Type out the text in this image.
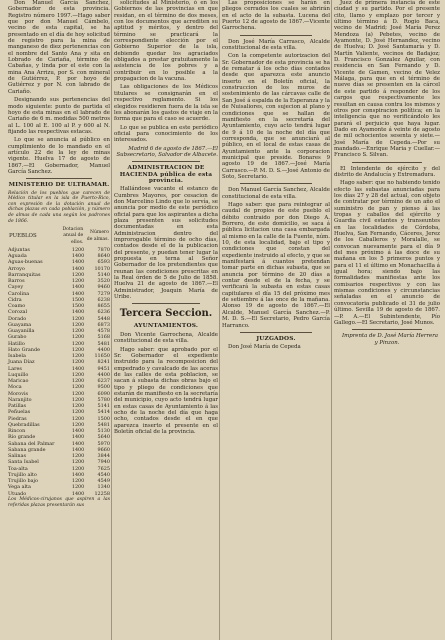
Don Manuel García Sanchez, Gobernador de esta provincia. Registro número 1997.—Hago saber que por don Manuel Cámbelo, vecino de esta capital, se ha presentado en el día de hoy solicitud de registro para la mina de manganeso de diez pertenencias con el nombre del Santo Ana y sita en Lobrado de Cariaña, término de Cabañas, y linda por el este con la mina Ana Arrizu, por S. con mineral de Gutiérrez, P. por hoyo de Gutiérrez y por N. con labrado de Cariaño.

Designando sus pertenencias del modo siguiente: punto de partida el hoyo de esta minas en el labrado de Cariaño de 6 m. medidas 500 metros al L. 100 al E. 100 al P. y 600 al N. fijando las respectivas estacas.

Lo que se anuncia al público en cumplimiento de lo mandado en el artículo 22 de la ley de minas vigente. Huelva 17 de agosto de 1867.—El Gobernador, Manuel García Sanchez.

MINISTERIO DE ULTRAMAR.

Relación de los pueblos que carecen de Médico titular en la isla de Puerto-Rico, con expresión de la dotación anual de dichas plazas en cada población, y número de almas de cada una según los padrones de 1866.

PUEBLOS	Dotacion anual de ellos.	Número de almas.
Adjuntas	1200	7870
Aguada	1400	8640
Aguas-buenas	1400	6593
Arroyo	1400	10170
Barranquitas	1200	5140
Barros	1200	3520
Cayey	1400	9460
Carolina	1400	7279
Cidra	1500	6238
Coamo	1500	8655
Corozal	1400	6236
Dorado	1200	5448
Guayama	1200	6873
Guayanilla	1200	4578
Gurabo	1200	5168
Hatillo	1200	5481
Hato Grande	1200	4400
Isabela	1200	11650
Juana Díaz	1200	8241
Lares	1400	9451
Luquillo	1200	4400
Maricao	1200	6237
Moca	1200	9500
Morovis	1200	6090
Naranjito	1200	5780
Patillas	1200	5141
Peñuelas	1200	5414
Piedras	1200	1500
Quebradillas	1200	5481
Rincon	1400	5130
Río grande	1400	5640
Sabana del Palmar	1400	5970
Sabana grande	1400	9660
Salinas	1200	3844
Santa Isabel	1200	7940
Toa-alta	1200	7625
Trujillo alto	1400	4540
Trujillo bajo	1200	4549
Vega alta	1200	1340
Utuado	1400	12258

Los Médicos-cirujanos que aspiren a las referidas plazas presentarán sus

solicitudes al Ministerio, ó en los Gobiernos de las provincias en que residan, en el término de dos meses, con los documentos que acrediten su aptitud y méritos, y dentro del término se practicará la correspondiente elección por el Gobierno Superior de la isla, debiendo quedar los agraciados obligados a prestar gratuitamente la asistencia de los pobres y a contribuir en lo posible a la propagacion de la vacuna.

Las obligaciones de los Médicos titulares se consignarán en el respectivo reglamento. Si los elegidos residieren fuera de la isla se les abonarán los gastos de viaje en la forma que para el caso se acuerde.

Lo que se publica en este periódico oficial para conocimiento de los interesados.

Madrid 6 de agosto de 1867.—El Subsecretario, Salvador de Albacete.

ADMINISTRACION DE HACIENDA pública de esta provincia.

Hallándose vacante el estanco de Cumbres Mayores, por cesacion de don Marcelino Lindo que lo servía, se anuncia por medio de este periódico oficial para que los aspirantes a dicha plaza presenten sus solicitudes documentadas en esta Administracion dentro del improrogable término de ocho días, contados desde el de la publicacion del presente, y puedan tener lugar la propuesta en terna al Señor Gobernador de los pretendientes que reunan las condiciones prescritas en la Real órden de 5 de Julio de 1858. Huelva 21 de agosto de 1867.—El Administrador, Joaquin María de Uribe.

Tercera Seccion.
AYUNTAMIENTOS.

Don Vicente Garrochena, Alcalde constitucional de esta villa.

Hago saber: que aprobado por el Sr. Gobernador el expediente instruido para la recomposicion del empedrado y cavalcado de las aceras de las calles de esta poblacion, se sacan á subasta dichas obras bajo el tipo y pliego de condiciones que estarán de manifiesto en la secretaría del municipio, cuyo acto tendrá lugar en estas casas de Ayuntamiento á las ocho de la noche del día que haga ocho, contados desde el en que aparezca inserto el presente en el Boletín oficial de la provincia.

Las proposiciones se harán en pliegos cerrados los cuales se abrirán en el acto de la subasta. Lucena del Puerto 12 de agosto de 1867.—Vicente Garrochena.

Don José María Carrasco, Alcalde constitucional de esta villa.

Con la competente autorizacion del Sr. Gobernador de esta provincia se ha de rematar á los ocho días contados desde que aparezca este anuncio inserto en el Boletín oficial, la construccion de los muros de sostenimiento de las cárcavas calle de San José á espalda de la Esperanza y la de Nuisaliores, con sujecion al plano y condiciones que se hallan de manifiesto en la secretaría del Ayuntamiento, cuyo acto tendrá lugar de 9 á 10 de la noche del día que corresponda, que se anunciará al público, en el local de estas casas de Ayuntamiento ante la corporacion municipal que preside. Bonares 9 agosto 19 de 1867.—José María Carrasco.—P. M. D. S.—José Antonio de Soto, Secretario.

Don Manuel García Sanchez, Alcalde constitucional de esta villa.

Hago saber: que para reintegrar al caudal de propios de este pueblo el débito contraido por don Diego A. Borrero, de este domicilio, se saca á pública licitacion una casa embargada al mismo en la calle de la Fuente, núm. 10, de esta localidad, bajo el tipo y condiciones que constan del expediente instruido al efecto, y que se manifestará á cuantos pretendan tomar parte en dichas subasta, que se anuncia por término de 20 días a contar desde el de la fecha, y se verificará la subasta en estas casas capitulares el día 15 del próximo mes de setiembre á las once de la mañana. Alonso 19 de agosto de 1867.—El Alcalde, Manuel García Sanchez.—P. M. D. S.—El Secretario, Pedro García Harranco.

JUZGADOS.

Don José María de Cepeda

Juez de primera instancia de este ciudad y su partido. Por el presente cito, llamo y emplazo por tercer y último término á D. Rogio Baca, vecino de Madrid; José María Perez Mendoza (a) Pebetes, vecino de Ayamonte, D. José Hernandez, vecino de Huelva; D. José Santamaría y D. Martín Valiente, vecinos de Badajoz; D. Francisco Gonzalez Aguilar, con residencia en San Fernando y D. Vicente de Gamen, vecino de Velez Málaga, para que en el término de nueve días se presenten en la cárcel de este partido á responder de los cargos que respectivamente les resultan en causa contra los mismos y otros por conspiracion política; en la inteligencia que no verificándolo les parará el perjuicio que haya lugar. Dado en Ayamonte á veinte de agosto de mil ochocientos sesenta y siete.—José María de Cepeda.—Por su mandado.—Enrique Maria y Cuellar.—Francisco S. Silvan.

El Intendente de ejército y del distrito de Andalucía y Extremadura.

Hago saber: que no habiendo tenido efecto las subastas anunciadas para los días 27 y 28 del actual, con objeto de contratar por término de un año el suministro de pan y pienso á las tropas y caballos del ejército y Guardia civil estantes y transeuntes en las localidades de Córdoba, Huelva, San Fernando, Cáceres, Jerez de los Caballeros y Moralalle, se convocan nuevamente para el día 9 del mes próximo á las doce de su mañana en los 5 primeros puntos y para el 11 el último en Monachacilla á igual hora; siendo bajo las formalidades manifiestas ante los comisarios respectivos y con las mismas condiciones y circunstancias señaladas en el anuncio de convocatoria publicado el 31 de julio último. Sevilla 19 de agosto de 1867.—P. A.—El Subintendente, Pío Gallego.—El Secretario, José Munos.

Imprenta de D. José María Herrera y Pinzon.
